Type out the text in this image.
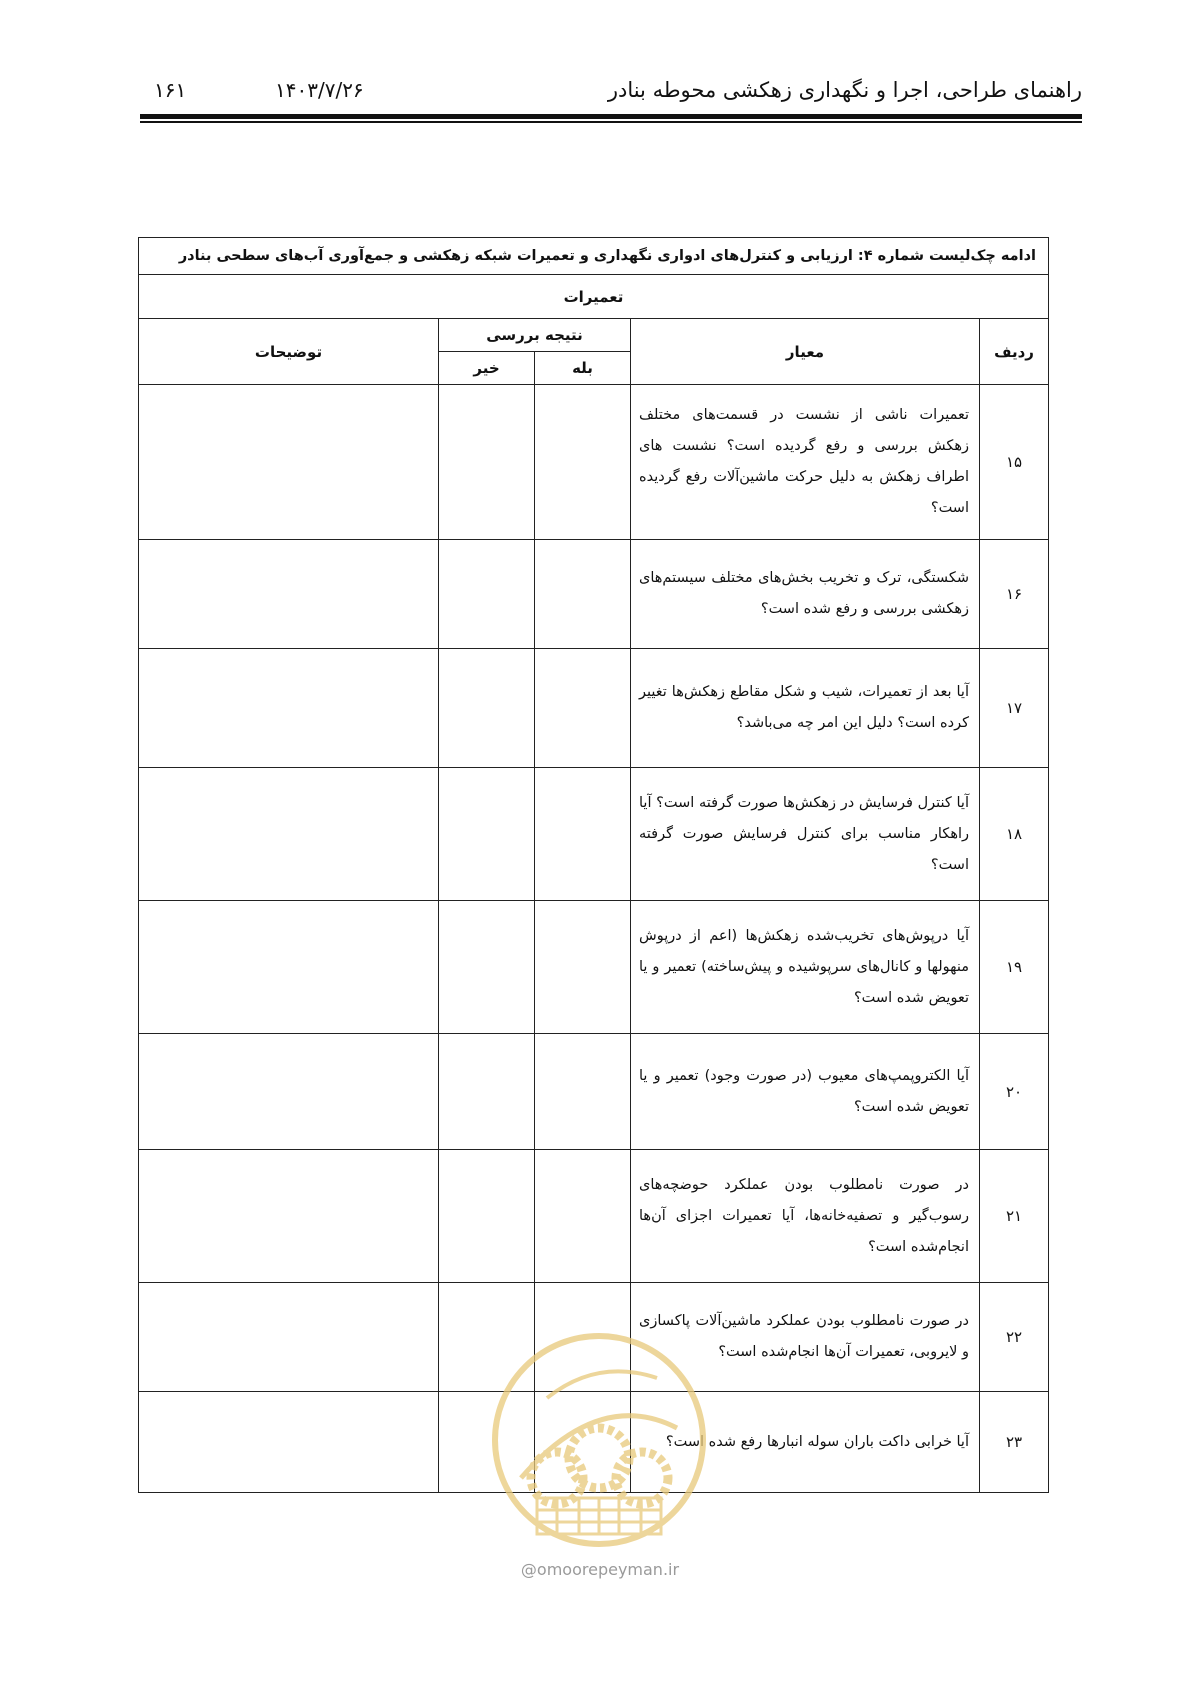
راهنمای طراحی، اجرا و نگهداری زهکشی محوطه بنادر
۱۴۰۳/۷/۲۶
۱۶۱
ادامه چک‌لیست شماره ۴: ارزیابی و کنترل‌های ادواری نگهداری و تعمیرات شبکه زهکشی و جمع‌آوری آب‌های سطحی بنادر				
تعمیرات				
ردیف	معیار	نتیجه بررسی		توضیحات
		بله	خیر	
۱۵	تعمیرات ناشی از نشست در قسمت‌های مختلف زهکش بررسی و رفع گردیده است؟ نشست های اطراف زهکش به دلیل حرکت ماشین‌آلات رفع گردیده است؟			
۱۶	شکستگی، ترک و تخریب بخش‌های مختلف سیستم‌های زهکشی بررسی و رفع شده است؟			
۱۷	آیا بعد از تعمیرات، شیب و شکل مقاطع زهکش‌ها تغییر کرده است؟ دلیل این امر چه می‌باشد؟			
۱۸	آیا کنترل فرسایش در زهکش‌ها صورت گرفته است؟ آیا راهکار مناسب برای کنترل فرسایش صورت گرفته است؟			
۱۹	آیا درپوش‌های تخریب‌شده زهکش‌ها (اعم از درپوش منهولها و کانال‌های سرپوشیده و پیش‌ساخته) تعمیر و یا تعویض شده است؟			
۲۰	آیا الکتروپمپ‌های معیوب (در صورت وجود) تعمیر و یا تعویض شده است؟			
۲۱	در صورت نامطلوب بودن عملکرد حوضچه‌های رسوب‌گیر و تصفیه‌خانه‌ها، آیا تعمیرات اجزای آن‌ها انجام‌شده است؟			
۲۲	در صورت نامطلوب بودن عملکرد ماشین‌آلات پاکسازی و لایروبی، تعمیرات آن‌ها انجام‌شده است؟			
۲۳	آیا خرابی داکت باران سوله انبارها رفع شده است؟			
@omoorepeyman.ir
